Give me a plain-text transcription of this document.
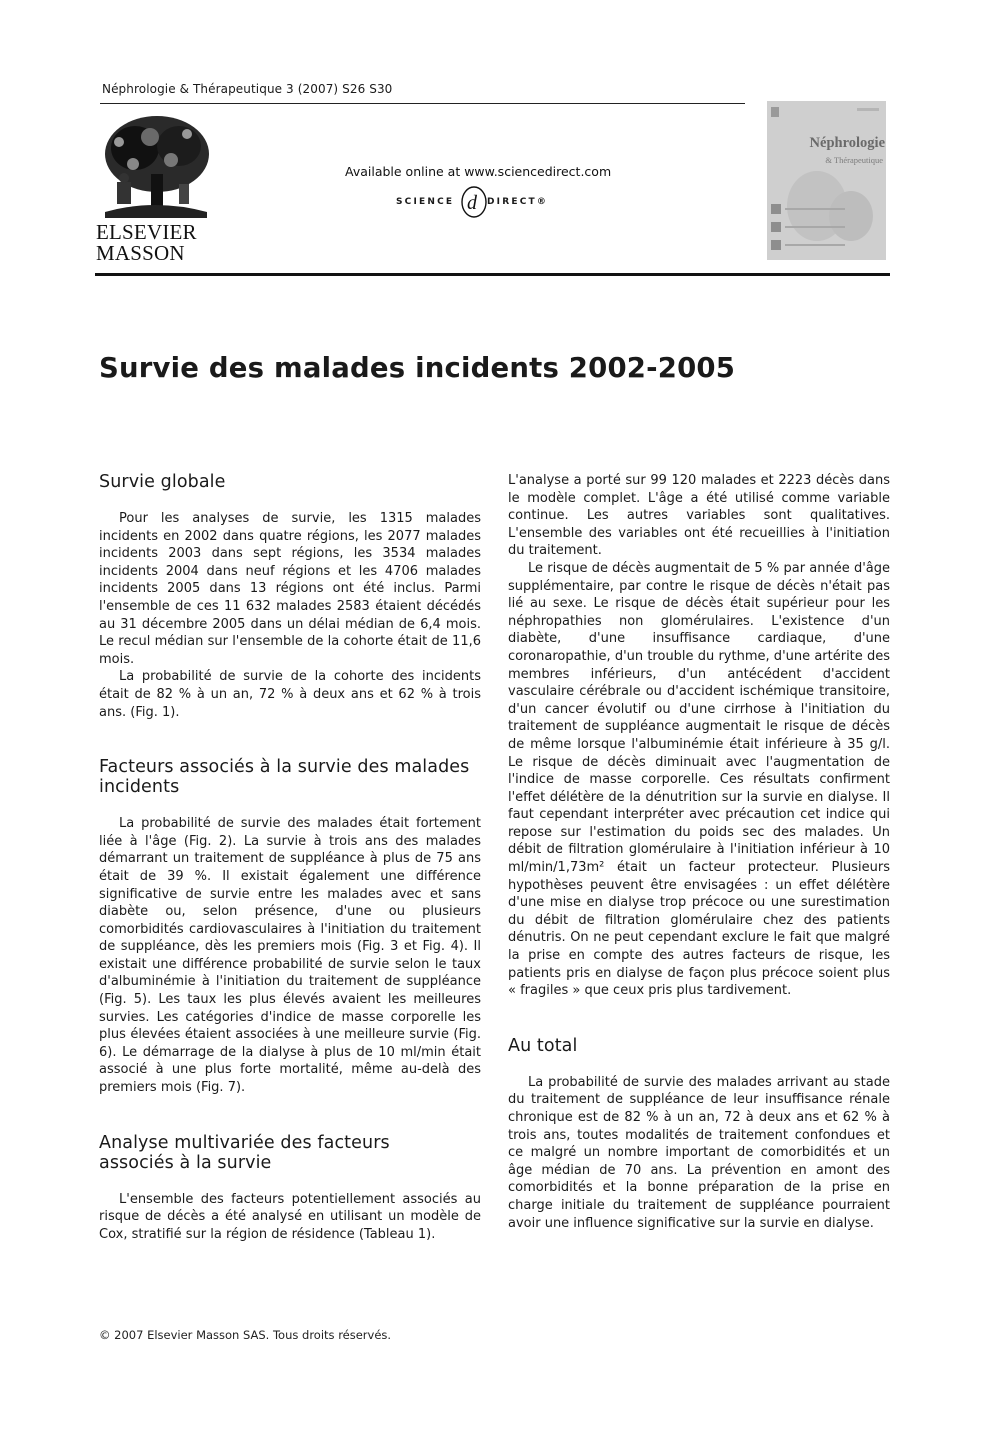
Néphrologie & Thérapeutique 3 (2007) S26 S30
ELSEVIER
MASSON
Available online at www.sciencedirect.com
SCIENCE d DIRECT®
Néphrologie
& Thérapeutique
Survie des malades incidents 2002-2005
Survie globale

Pour les analyses de survie, les 1315 malades incidents en 2002 dans quatre régions, les 2077 malades incidents 2003 dans sept régions, les 3534 malades incidents 2004 dans neuf régions et les 4706 malades incidents 2005 dans 13 régions ont été inclus. Parmi l'ensemble de ces 11 632 malades 2583 étaient décédés au 31 décembre 2005 dans un délai médian de 6,4 mois. Le recul médian sur l'ensemble de la cohorte était de 11,6 mois.

La probabilité de survie de la cohorte des incidents était de 82 % à un an, 72 % à deux ans et 62 % à trois ans. (Fig. 1).

Facteurs associés à la survie des malades incidents

La probabilité de survie des malades était fortement liée à l'âge (Fig. 2). La survie à trois ans des malades démarrant un traitement de suppléance à plus de 75 ans était de 39 %. Il existait également une différence significative de survie entre les malades avec et sans diabète ou, selon présence, d'une ou plusieurs comorbidités cardiovasculaires à l'initiation du traitement de suppléance, dès les premiers mois (Fig. 3 et Fig. 4). Il existait une différence probabilité de survie selon le taux d'albuminémie à l'initiation du traitement de suppléance (Fig. 5). Les taux les plus élevés avaient les meilleures survies. Les catégories d'indice de masse corporelle les plus élevées étaient associées à une meilleure survie (Fig. 6). Le démarrage de la dialyse à plus de 10 ml/min était associé à une plus forte mortalité, même au-delà des premiers mois (Fig. 7).

Analyse multivariée des facteurs associés à la survie

L'ensemble des facteurs potentiellement associés au risque de décès a été analysé en utilisant un modèle de Cox, stratifié sur la région de résidence (Tableau 1).

L'analyse a porté sur 99 120 malades et 2223 décès dans le modèle complet. L'âge a été utilisé comme variable continue. Les autres variables sont qualitatives. L'ensemble des variables ont été recueillies à l'initiation du traitement.

Le risque de décès augmentait de 5 % par année d'âge supplémentaire, par contre le risque de décès n'était pas lié au sexe. Le risque de décès était supérieur pour les néphropathies non glomérulaires. L'existence d'un diabète, d'une insuffisance cardiaque, d'une coronaropathie, d'un trouble du rythme, d'une artérite des membres inférieurs, d'un antécédent d'accident vasculaire cérébrale ou d'accident ischémique transitoire, d'un cancer évolutif ou d'une cirrhose à l'initiation du traitement de suppléance augmentait le risque de décès de même lorsque l'albuminémie était inférieure à 35 g/l. Le risque de décès diminuait avec l'augmentation de l'indice de masse corporelle. Ces résultats confirment l'effet délétère de la dénutrition sur la survie en dialyse. Il faut cependant interpréter avec précaution cet indice qui repose sur l'estimation du poids sec des malades. Un débit de filtration glomérulaire à l'initiation inférieur à 10 ml/min/1,73m² était un facteur protecteur. Plusieurs hypothèses peuvent être envisagées : un effet délétère d'une mise en dialyse trop précoce ou une surestimation du débit de filtration glomérulaire chez des patients dénutris. On ne peut cependant exclure le fait que malgré la prise en compte des autres facteurs de risque, les patients pris en dialyse de façon plus précoce soient plus « fragiles » que ceux pris plus tardivement.

Au total

La probabilité de survie des malades arrivant au stade du traitement de suppléance de leur insuffisance rénale chronique est de 82 % à un an, 72 à deux ans et 62 % à trois ans, toutes modalités de traitement confondues et ce malgré un nombre important de comorbidités et un âge médian de 70 ans. La prévention en amont des comorbidités et la bonne préparation de la prise en charge initiale du traitement de suppléance pourraient avoir une influence significative sur la survie en dialyse.

© 2007 Elsevier Masson SAS. Tous droits réservés.
